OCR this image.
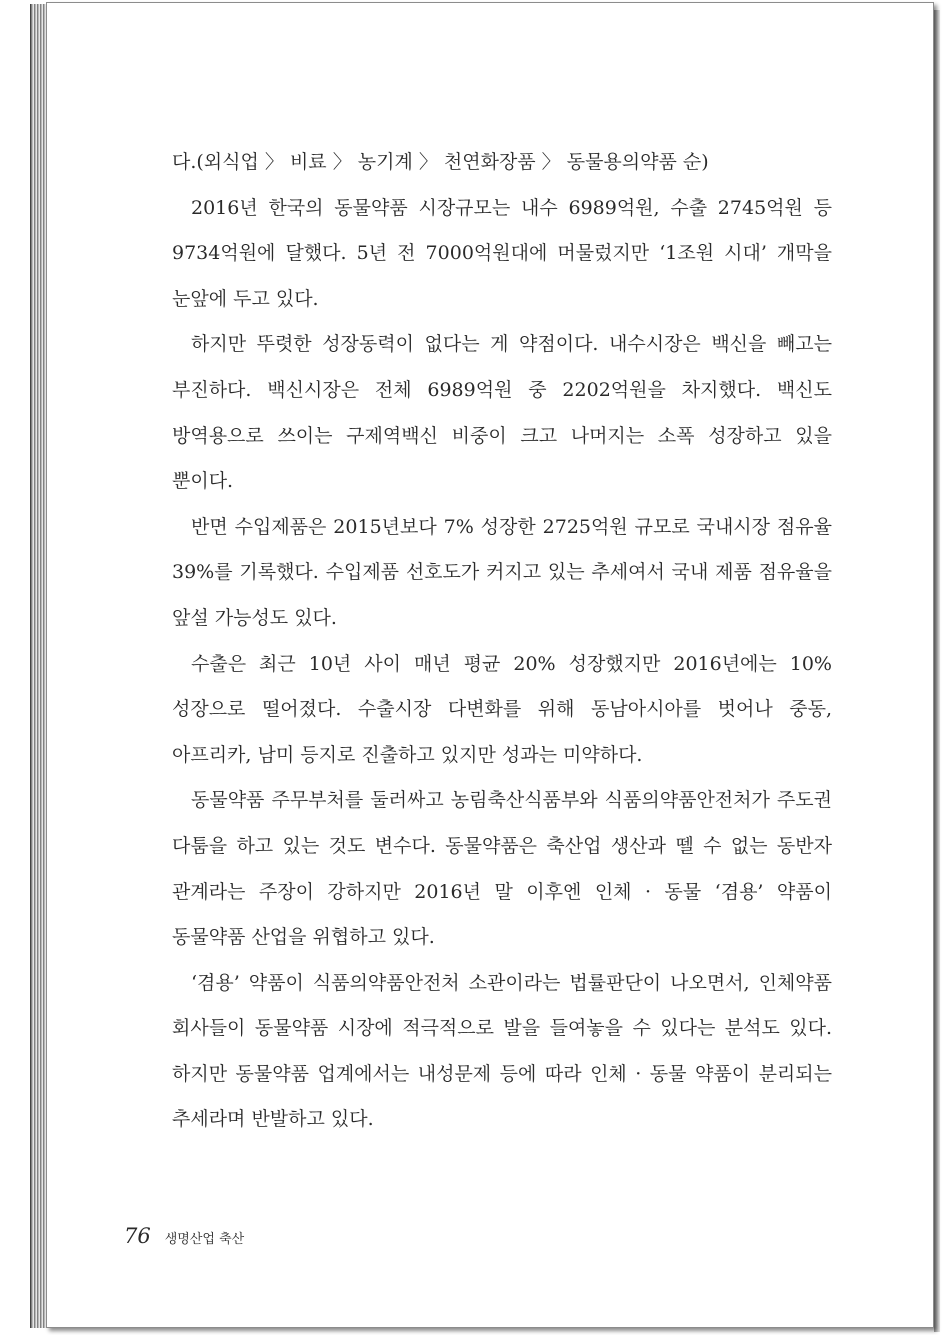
다.(외식업 〉 비료 〉 농기계 〉 천연화장품 〉 동물용의약품 순)

2016년 한국의 동물약품 시장규모는 내수 6989억원, 수출 2745억원 등 9734억원에 달했다. 5년 전 7000억원대에 머물렀지만 ‘1조원 시대’ 개막을 눈앞에 두고 있다.

하지만 뚜렷한 성장동력이 없다는 게 약점이다. 내수시장은 백신을 빼고는 부진하다. 백신시장은 전체 6989억원 중 2202억원을 차지했다. 백신도 방역용으로 쓰이는 구제역백신 비중이 크고 나머지는 소폭 성장하고 있을 뿐이다.

반면 수입제품은 2015년보다 7% 성장한 2725억원 규모로 국내시장 점유율 39%를 기록했다. 수입제품 선호도가 커지고 있는 추세여서 국내 제품 점유율을 앞설 가능성도 있다.

수출은 최근 10년 사이 매년 평균 20% 성장했지만 2016년에는 10% 성장으로 떨어졌다. 수출시장 다변화를 위해 동남아시아를 벗어나 중동, 아프리카, 남미 등지로 진출하고 있지만 성과는 미약하다.

동물약품 주무부처를 둘러싸고 농림축산식품부와 식품의약품안전처가 주도권 다툼을 하고 있는 것도 변수다. 동물약품은 축산업 생산과 뗄 수 없는 동반자 관계라는 주장이 강하지만 2016년 말 이후엔 인체 · 동물 ‘겸용’ 약품이 동물약품 산업을 위협하고 있다.

‘겸용’ 약품이 식품의약품안전처 소관이라는 법률판단이 나오면서, 인체약품 회사들이 동물약품 시장에 적극적으로 발을 들여놓을 수 있다는 분석도 있다. 하지만 동물약품 업계에서는 내성문제 등에 따라 인체 · 동물 약품이 분리되는 추세라며 반발하고 있다.

76 생명산업 축산
